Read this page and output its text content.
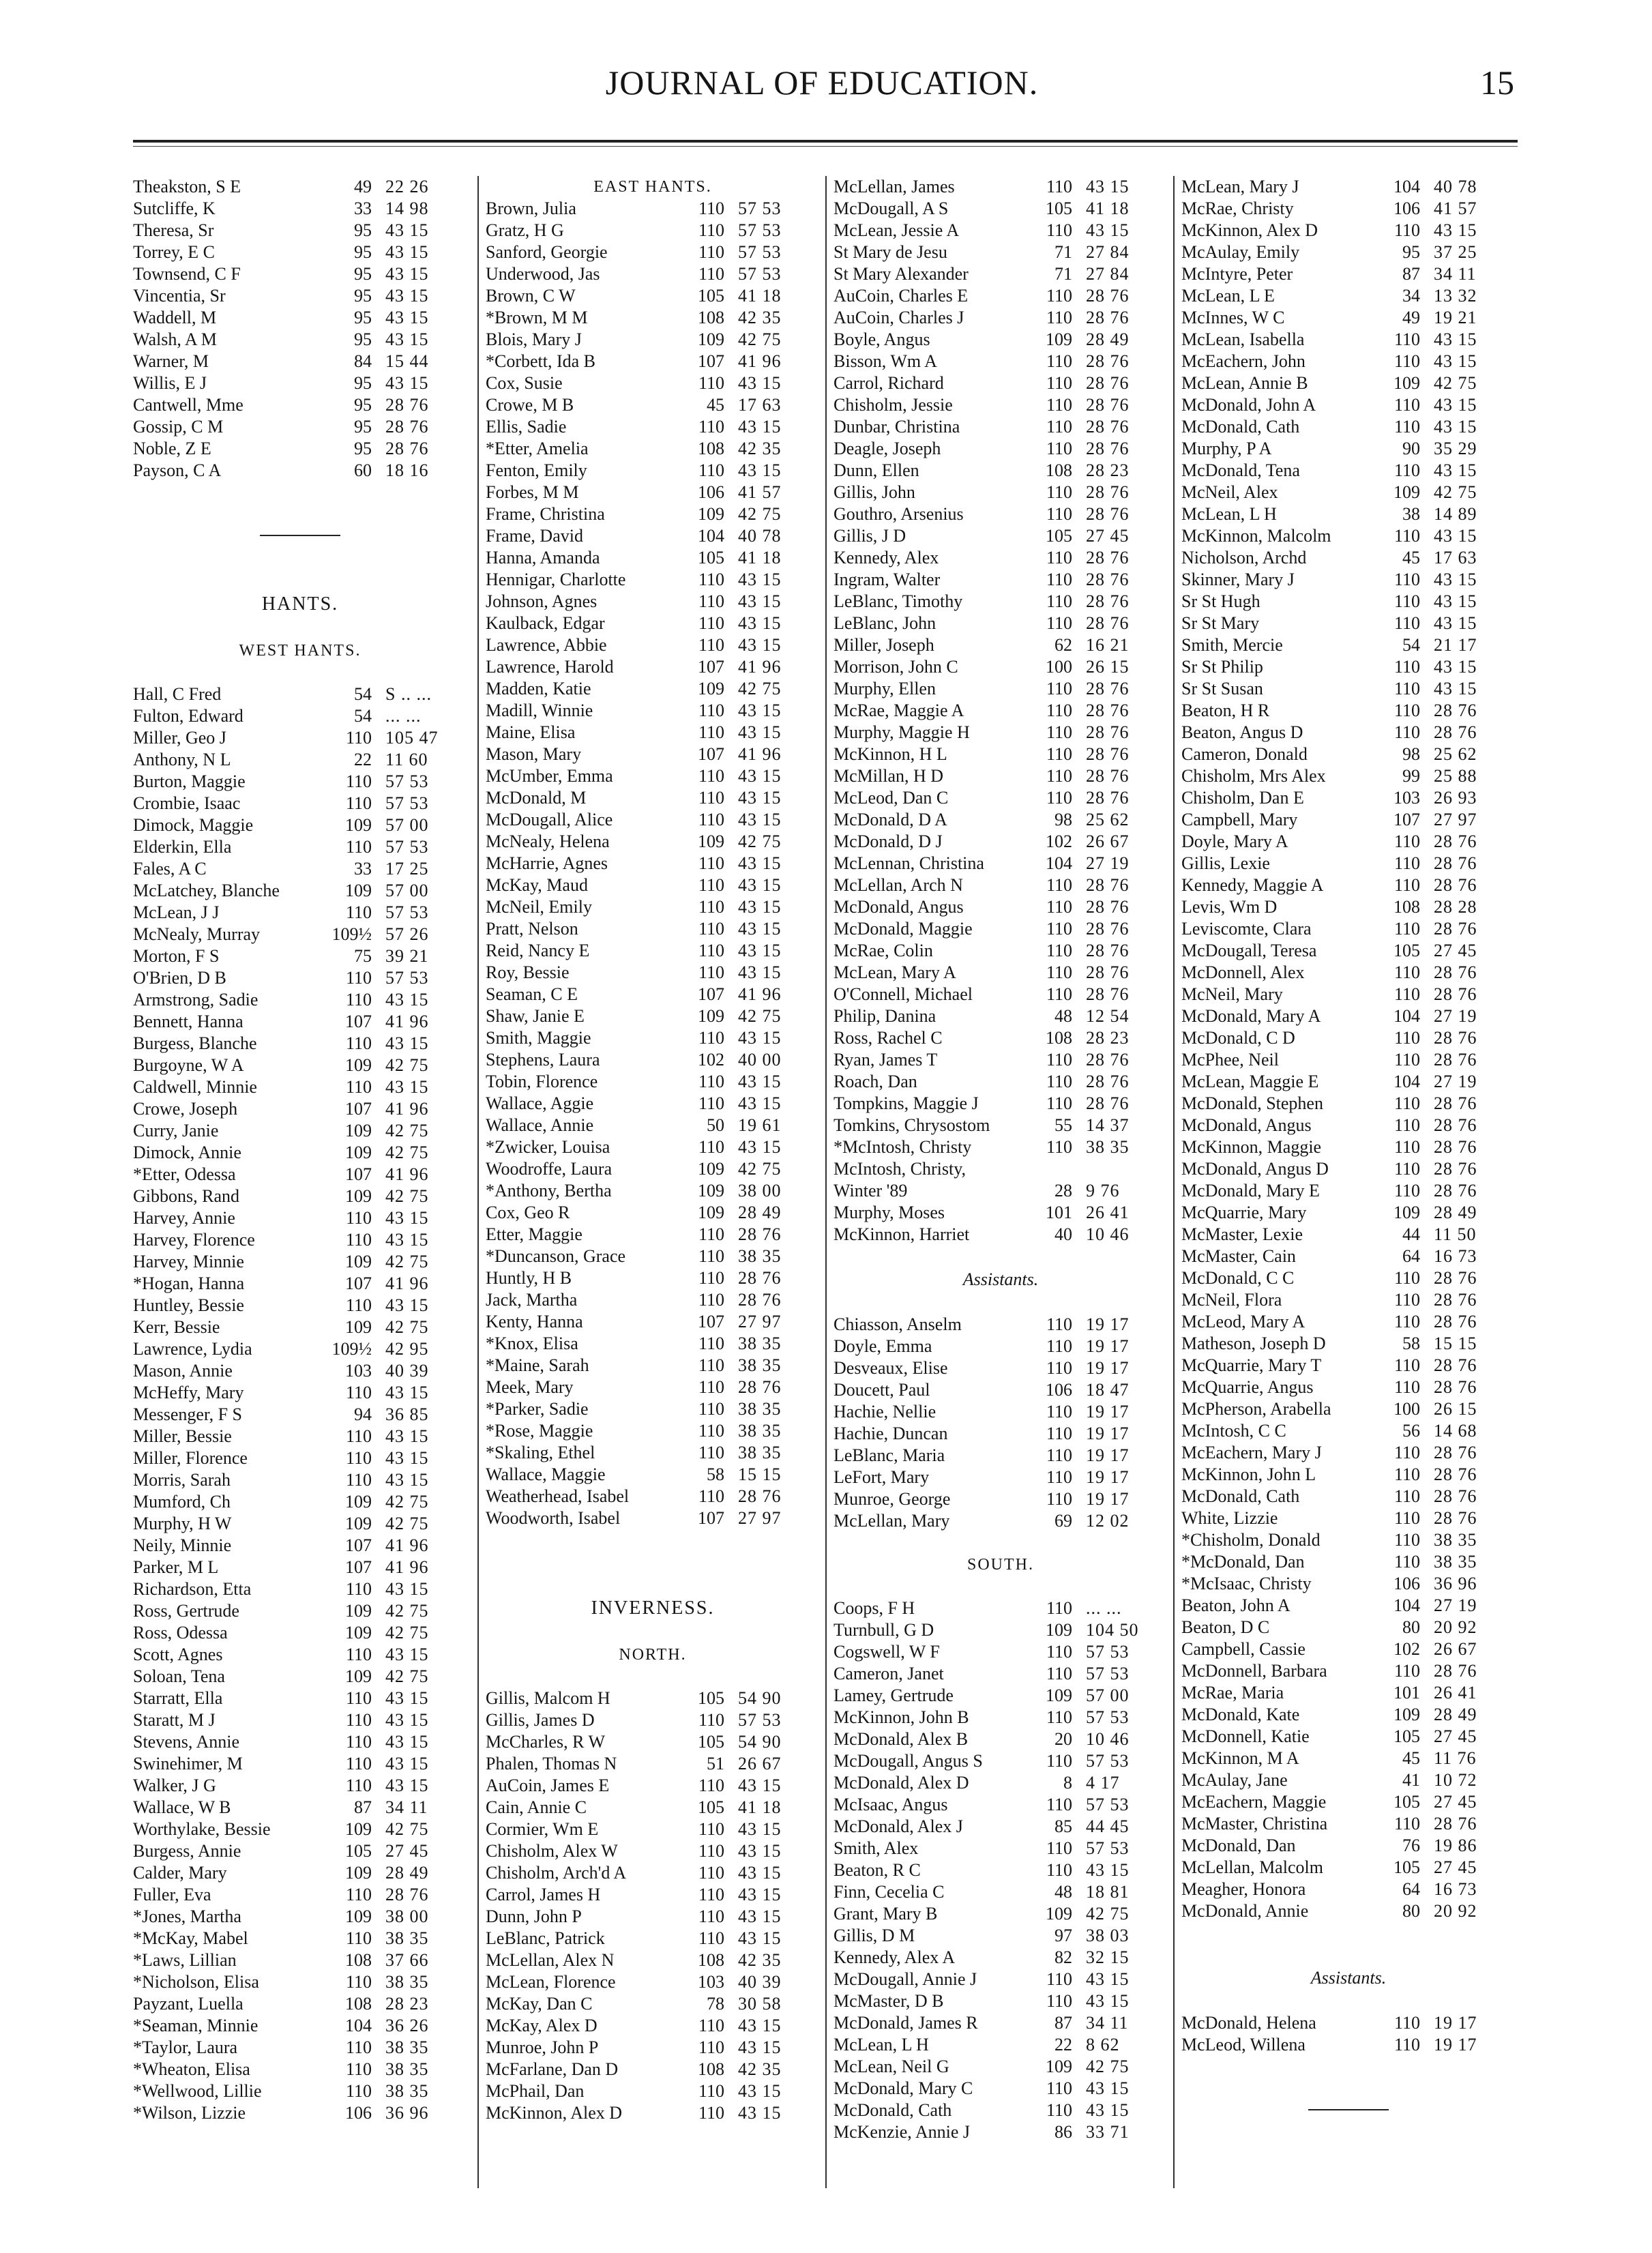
JOURNAL OF EDUCATION.	15
Theakston, S E	49 22 26
Sutcliffe, K	33 14 98
Theresa, Sr	95 43 15
Torrey, E C	95 43 15
Townsend, C F	95 43 15
Vincentia, Sr	95 43 15
Waddell, M	95 43 15
Walsh, A M	95 43 15
Warner, M	84 15 44
Willis, E J	95 43 15
Cantwell, Mme	95 28 76
Gossip, C M	95 28 76
Noble, Z E	95 28 76
Payson, C A	60 18 16
HANTS.
WEST HANTS.
Hall, C Fred	54 S .. ...
Fulton, Edward	54 ... ...
Miller, Geo J	110 105 47
Anthony, N L	22 11 60
Burton, Maggie	110 57 53
Crombie, Isaac	110 57 53
Dimock, Maggie	109 57 00
Elderkin, Ella	110 57 53
Fales, A C	33 17 25
McLatchey, Blanche	109 57 00
McLean, J J	110 57 53
McNealy, Murray	109½ 57 26
Morton, F S	75 39 21
O'Brien, D B	110 57 53
Armstrong, Sadie	110 43 15
Bennett, Hanna	107 41 96
Burgess, Blanche	110 43 15
Burgoyne, W A	109 42 75
Caldwell, Minnie	110 43 15
Crowe, Joseph	107 41 96
Curry, Janie	109 42 75
Dimock, Annie	109 42 75
*Etter, Odessa	107 41 96
Gibbons, Rand	109 42 75
Harvey, Annie	110 43 15
Harvey, Florence	110 43 15
Harvey, Minnie	109 42 75
*Hogan, Hanna	107 41 96
Huntley, Bessie	110 43 15
Kerr, Bessie	109 42 75
Lawrence, Lydia	109½ 42 95
Mason, Annie	103 40 39
McHeffy, Mary	110 43 15
Messenger, F S	94 36 85
Miller, Bessie	110 43 15
Miller, Florence	110 43 15
Morris, Sarah	110 43 15
Mumford, Ch	109 42 75
Murphy, H W	109 42 75
Neily, Minnie	107 41 96
Parker, M L	107 41 96
Richardson, Etta	110 43 15
Ross, Gertrude	109 42 75
Ross, Odessa	109 42 75
Scott, Agnes	110 43 15
Soloan, Tena	109 42 75
Starratt, Ella	110 43 15
Staratt, M J	110 43 15
Stevens, Annie	110 43 15
Swinehimer, M	110 43 15
Walker, J G	110 43 15
Wallace, W B	87 34 11
Worthylake, Bessie	109 42 75
Burgess, Annie	105 27 45
Calder, Mary	109 28 49
Fuller, Eva	110 28 76
*Jones, Martha	109 38 00
*McKay, Mabel	110 38 35
*Laws, Lillian	108 37 66
*Nicholson, Elisa	110 38 35
Payzant, Luella	108 28 23
*Seaman, Minnie	104 36 26
*Taylor, Laura	110 38 35
*Wheaton, Elisa	110 38 35
*Wellwood, Lillie	110 38 35
*Wilson, Lizzie	106 36 96
EAST HANTS.
Brown, Julia	110 57 53
Gratz, H G	110 57 53
Sanford, Georgie	110 57 53
Underwood, Jas	110 57 53
Brown, C W	105 41 18
*Brown, M M	108 42 35
Blois, Mary J	109 42 75
*Corbett, Ida B	107 41 96
Cox, Susie	110 43 15
Crowe, M B	45 17 63
Ellis, Sadie	110 43 15
*Etter, Amelia	108 42 35
Fenton, Emily	110 43 15
Forbes, M M	106 41 57
Frame, Christina	109 42 75
Frame, David	104 40 78
Hanna, Amanda	105 41 18
Hennigar, Charlotte	110 43 15
Johnson, Agnes	110 43 15
Kaulback, Edgar	110 43 15
Lawrence, Abbie	110 43 15
Lawrence, Harold	107 41 96
Madden, Katie	109 42 75
Madill, Winnie	110 43 15
Maine, Elisa	110 43 15
Mason, Mary	107 41 96
McUmber, Emma	110 43 15
McDonald, M	110 43 15
McDougall, Alice	110 43 15
McNealy, Helena	109 42 75
McHarrie, Agnes	110 43 15
McKay, Maud	110 43 15
McNeil, Emily	110 43 15
Pratt, Nelson	110 43 15
Reid, Nancy E	110 43 15
Roy, Bessie	110 43 15
Seaman, C E	107 41 96
Shaw, Janie E	109 42 75
Smith, Maggie	110 43 15
Stephens, Laura	102 40 00
Tobin, Florence	110 43 15
Wallace, Aggie	110 43 15
Wallace, Annie	50 19 61
*Zwicker, Louisa	110 43 15
Woodroffe, Laura	109 42 75
*Anthony, Bertha	109 38 00
Cox, Geo R	109 28 49
Etter, Maggie	110 28 76
*Duncanson, Grace	110 38 35
Huntly, H B	110 28 76
Jack, Martha	110 28 76
Kenty, Hanna	107 27 97
*Knox, Elisa	110 38 35
*Maine, Sarah	110 38 35
Meek, Mary	110 28 76
*Parker, Sadie	110 38 35
*Rose, Maggie	110 38 35
*Skaling, Ethel	110 38 35
Wallace, Maggie	58 15 15
Weatherhead, Isabel	110 28 76
Woodworth, Isabel	107 27 97
INVERNESS.
NORTH.
Gillis, Malcom H	105 54 90
Gillis, James D	110 57 53
McCharles, R W	105 54 90
Phalen, Thomas N	51 26 67
AuCoin, James E	110 43 15
Cain, Annie C	105 41 18
Cormier, Wm E	110 43 15
Chisholm, Alex W	110 43 15
Chisholm, Arch'd A	110 43 15
Carrol, James H	110 43 15
Dunn, John P	110 43 15
LeBlanc, Patrick	110 43 15
McLellan, Alex N	108 42 35
McLean, Florence	103 40 39
McKay, Dan C	78 30 58
McKay, Alex D	110 43 15
Munroe, John P	110 43 15
McFarlane, Dan D	108 42 35
McPhail, Dan	110 43 15
McKinnon, Alex D	110 43 15
McLellan, James	110 43 15
McDougall, A S	105 41 18
McLean, Jessie A	110 43 15
St Mary de Jesu	71 27 84
St Mary Alexander	71 27 84
AuCoin, Charles E	110 28 76
AuCoin, Charles J	110 28 76
Boyle, Angus	109 28 49
Bisson, Wm A	110 28 76
Carrol, Richard	110 28 76
Chisholm, Jessie	110 28 76
Dunbar, Christina	110 28 76
Deagle, Joseph	110 28 76
Dunn, Ellen	108 28 23
Gillis, John	110 28 76
Gouthro, Arsenius	110 28 76
Gillis, J D	105 27 45
Kennedy, Alex	110 28 76
Ingram, Walter	110 28 76
LeBlanc, Timothy	110 28 76
LeBlanc, John	110 28 76
Miller, Joseph	62 16 21
Morrison, John C	100 26 15
Murphy, Ellen	110 28 76
McRae, Maggie A	110 28 76
Murphy, Maggie H	110 28 76
McKinnon, H L	110 28 76
McMillan, H D	110 28 76
McLeod, Dan C	110 28 76
McDonald, D A	98 25 62
McDonald, D J	102 26 67
McLennan, Christina	104 27 19
McLellan, Arch N	110 28 76
McDonald, Angus	110 28 76
McDonald, Maggie	110 28 76
McRae, Colin	110 28 76
McLean, Mary A	110 28 76
O'Connell, Michael	110 28 76
Philip, Danina	48 12 54
Ross, Rachel C	108 28 23
Ryan, James T	110 28 76
Roach, Dan	110 28 76
Tompkins, Maggie J	110 28 76
Tomkins, Chrysostom	55 14 37
*McIntosh, Christy	110 38 35
McIntosh, Christy,
Winter '89	28 9 76
Murphy, Moses	101 26 41
McKinnon, Harriet	40 10 46
Assistants.
Chiasson, Anselm	110 19 17
Doyle, Emma	110 19 17
Desveaux, Elise	110 19 17
Doucett, Paul	106 18 47
Hachie, Nellie	110 19 17
Hachie, Duncan	110 19 17
LeBlanc, Maria	110 19 17
LeFort, Mary	110 19 17
Munroe, George	110 19 17
McLellan, Mary	69 12 02
SOUTH.
Coops, F H	110 ... ...
Turnbull, G D	109 104 50
Cogswell, W F	110 57 53
Cameron, Janet	110 57 53
Lamey, Gertrude	109 57 00
McKinnon, John B	110 57 53
McDonald, Alex B	20 10 46
McDougall, Angus S	110 57 53
McDonald, Alex D	8 4 17
McIsaac, Angus	110 57 53
McDonald, Alex J	85 44 45
Smith, Alex	110 57 53
Beaton, R C	110 43 15
Finn, Cecelia C	48 18 81
Grant, Mary B	109 42 75
Gillis, D M	97 38 03
Kennedy, Alex A	82 32 15
McDougall, Annie J	110 43 15
McMaster, D B	110 43 15
McDonald, James R	87 34 11
McLean, L H	22 8 62
McLean, Neil G	109 42 75
McDonald, Mary C	110 43 15
McDonald, Cath	110 43 15
McKenzie, Annie J	86 33 71
McLean, Mary J	104 40 78
McRae, Christy	106 41 57
McKinnon, Alex D	110 43 15
McAulay, Emily	95 37 25
McIntyre, Peter	87 34 11
McLean, L E	34 13 32
McInnes, W C	49 19 21
McLean, Isabella	110 43 15
McEachern, John	110 43 15
McLean, Annie B	109 42 75
McDonald, John A	110 43 15
McDonald, Cath	110 43 15
Murphy, P A	90 35 29
McDonald, Tena	110 43 15
McNeil, Alex	109 42 75
McLean, L H	38 14 89
McKinnon, Malcolm	110 43 15
Nicholson, Archd	45 17 63
Skinner, Mary J	110 43 15
Sr St Hugh	110 43 15
Sr St Mary	110 43 15
Smith, Mercie	54 21 17
Sr St Philip	110 43 15
Sr St Susan	110 43 15
Beaton, H R	110 28 76
Beaton, Angus D	110 28 76
Cameron, Donald	98 25 62
Chisholm, Mrs Alex	99 25 88
Chisholm, Dan E	103 26 93
Campbell, Mary	107 27 97
Doyle, Mary A	110 28 76
Gillis, Lexie	110 28 76
Kennedy, Maggie A	110 28 76
Levis, Wm D	108 28 28
Leviscomte, Clara	110 28 76
McDougall, Teresa	105 27 45
McDonnell, Alex	110 28 76
McNeil, Mary	110 28 76
McDonald, Mary A	104 27 19
McDonald, C D	110 28 76
McPhee, Neil	110 28 76
McLean, Maggie E	104 27 19
McDonald, Stephen	110 28 76
McDonald, Angus	110 28 76
McKinnon, Maggie	110 28 76
McDonald, Angus D	110 28 76
McDonald, Mary E	110 28 76
McQuarrie, Mary	109 28 49
McMaster, Lexie	44 11 50
McMaster, Cain	64 16 73
McDonald, C C	110 28 76
McNeil, Flora	110 28 76
McLeod, Mary A	110 28 76
Matheson, Joseph D	58 15 15
McQuarrie, Mary T	110 28 76
McQuarrie, Angus	110 28 76
McPherson, Arabella	100 26 15
McIntosh, C C	56 14 68
McEachern, Mary J	110 28 76
McKinnon, John L	110 28 76
McDonald, Cath	110 28 76
White, Lizzie	110 28 76
*Chisholm, Donald	110 38 35
*McDonald, Dan	110 38 35
*McIsaac, Christy	106 36 96
Beaton, John A	104 27 19
Beaton, D C	80 20 92
Campbell, Cassie	102 26 67
McDonnell, Barbara	110 28 76
McRae, Maria	101 26 41
McDonald, Kate	109 28 49
McDonnell, Katie	105 27 45
McKinnon, M A	45 11 76
McAulay, Jane	41 10 72
McEachern, Maggie	105 27 45
McMaster, Christina	110 28 76
McDonald, Dan	76 19 86
McLellan, Malcolm	105 27 45
Meagher, Honora	64 16 73
McDonald, Annie	80 20 92
Assistants.
McDonald, Helena	110 19 17
McLeod, Willena	110 19 17
